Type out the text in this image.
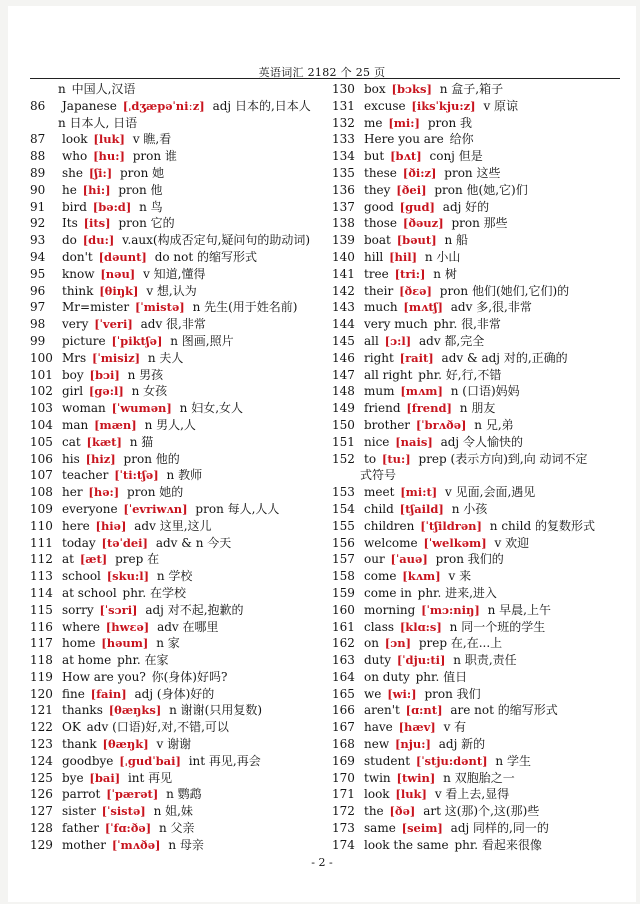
英语词汇 2182 个 25 页
n 中国人,汉语
86	Japanese [ˌdʒæpəˈniːz] adj 日本的,日本人
n 日本人, 日语
87	look [luk] v 瞧,看
88	who [hu:] pron 谁
89	she [ʃi:] pron 她
90	he [hi:] pron 他
91	bird [bə:d] n 鸟
92	Its [its] pron 它的
93	do [du:] v.aux(构成否定句,疑问句的助动词)
94	don't [dəunt] do not 的缩写形式
95	know [nəu] v 知道,懂得
96	think [θiŋk] v 想,认为
97	Mr=mister [ˈmistə] n 先生(用于姓名前)
98	very [ˈveri] adv 很,非常
99	picture [ˈpiktʃə] n 图画,照片
100 Mrs [ˈmisiz] n 夫人
101 boy [bɔi] n 男孩
102 girl [gə:l] n 女孩
103 woman [ˈwumən] n 妇女,女人
104 man [mæn] n 男人,人
105 cat [kæt] n 猫
106 his [hiz] pron 他的
107 teacher [ˈti:tʃə] n 教师
108 her [hə:] pron 她的
109 everyone [ˈevriwʌn] pron 每人,人人
110 here [hiə] adv 这里,这儿
111 today [təˈdei] adv & n 今天
112 at [æt] prep 在
113 school [sku:l] n 学校
114 at school phr. 在学校
115 sorry [ˈsɔri] adj 对不起,抱歉的
116 where [hwεə] adv 在哪里
117 home [həum] n 家
118 at home phr. 在家
119 How are you? 你(身体)好吗?
120 fine [fain] adj (身体)好的
121 thanks [θæŋks] n 谢谢(只用复数)
122 OK adv (口语)好,对,不错,可以
123 thank [θæŋk] v 谢谢
124 goodbye [ˌgudˈbai] int 再见,再会
125 bye [bai] int 再见
126 parrot [ˈpærət] n 鹦鹉
127 sister [ˈsistə] n 姐,妹
128 father [ˈfɑ:ðə] n 父亲
129 mother [ˈmʌðə] n 母亲
130 box [bɔks] n 盒子,箱子
131 excuse [iksˈkju:z] v 原谅
132 me [mi:] pron 我
133 Here you are 给你
134 but [bʌt] conj 但是
135 these [ði:z] pron 这些
136 they [ðei] pron 他(她,它)们
137 good [gud] adj 好的
138 those [ðəuz] pron 那些
139 boat [bəut] n 船
140 hill [hil] n 小山
141 tree [tri:] n 树
142 their [ðεə] pron 他们(她们,它们)的
143 much [mʌtʃ] adv 多,很,非常
144 very much phr. 很,非常
145 all [ɔ:l] adv 都,完全
146 right [rait] adv & adj 对的,正确的
147 all right phr. 好,行,不错
148 mum [mʌm] n (口语)妈妈
149 friend [frend] n 朋友
150 brother [ˈbrʌðə] n 兄,弟
151 nice [nais] adj 令人愉快的
152 to [tu:] prep (表示方向)到,向 动词不定
式符号
153 meet [mi:t] v 见面,会面,遇见
154 child [tʃaild] n 小孩
155 children [ˈtʃildrən] n child 的复数形式
156 welcome [ˈwelkəm] v 欢迎
157 our [ˈauə] pron 我们的
158 come [kʌm] v 来
159 come in phr. 进来,进入
160 morning [ˈmɔ:niŋ] n 早晨,上午
161 class [klɑ:s] n 同一个班的学生
162 on [ɔn] prep 在,在...上
163 duty [ˈdju:ti] n 职责,责任
164 on duty phr. 值日
165 we [wi:] pron 我们
166 aren't [ɑ:nt] are not 的缩写形式
167 have [hæv] v 有
168 new [nju:] adj 新的
169 student [ˈstju:dənt] n 学生
170 twin [twin] n 双胞胎之一
171 look [luk] v 看上去,显得
172 the [ðə] art 这(那)个,这(那)些
173 same [seim] adj 同样的,同一的
174 look the same phr. 看起来很像
- 2 -
